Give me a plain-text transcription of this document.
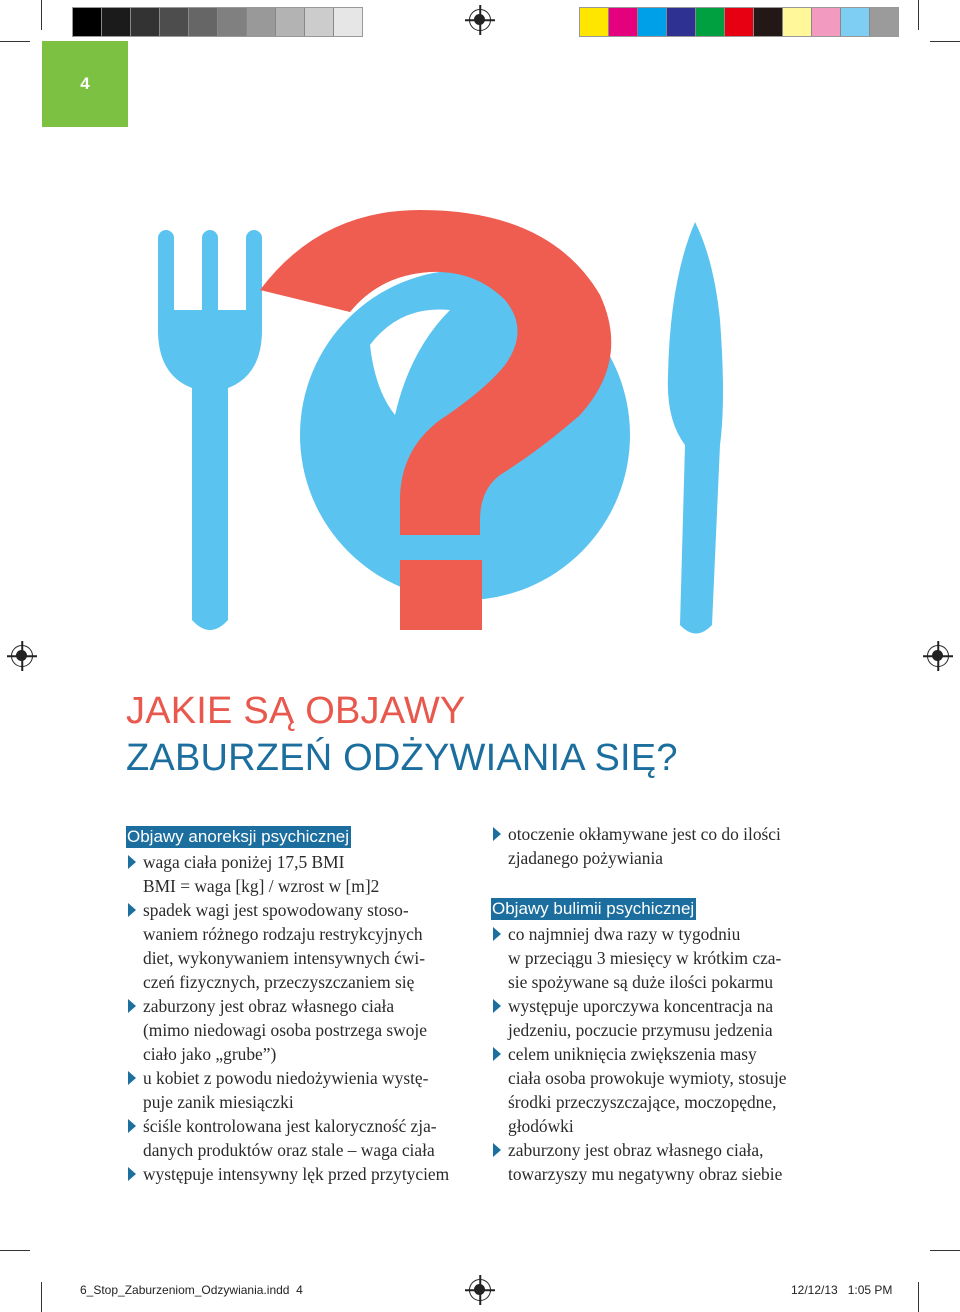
4
JAKIE SĄ OBJAWY
ZABURZEŃ ODŻYWIANIA SIĘ?
Objawy anoreksji psychicznej
waga ciała poniżej 17,5 BMI
BMI = waga [kg] / wzrost w [m]2
spadek wagi jest spowodowany stoso-
waniem różnego rodzaju restrykcyjnych
diet, wykonywaniem intensywnych ćwi-
czeń fizycznych, przeczyszczaniem się
zaburzony jest obraz własnego ciała
(mimo niedowagi osoba postrzega swoje
ciało jako „grube”)
u kobiet z powodu niedożywienia wystę-
puje zanik miesiączki
ściśle kontrolowana jest kaloryczność zja-
danych produktów oraz stale – waga ciała
występuje intensywny lęk przed przytyciem
otoczenie okłamywane jest co do ilości
zjadanego pożywiania
Objawy bulimii psychicznej
co najmniej dwa razy w tygodniu
w przeciągu 3 miesięcy w krótkim cza-
sie spożywane są duże ilości pokarmu
występuje uporczywa koncentracja na
jedzeniu, poczucie przymusu jedzenia
celem uniknięcia zwiększenia masy
ciała osoba prowokuje wymioty, stosuje
środki przeczyszczające, moczopędne,
głodówki
zaburzony jest obraz własnego ciała,
towarzyszy mu negatywny obraz siebie
6_Stop_Zaburzeniom_Odzywiania.indd 4	12/12/13 1:05 PM
